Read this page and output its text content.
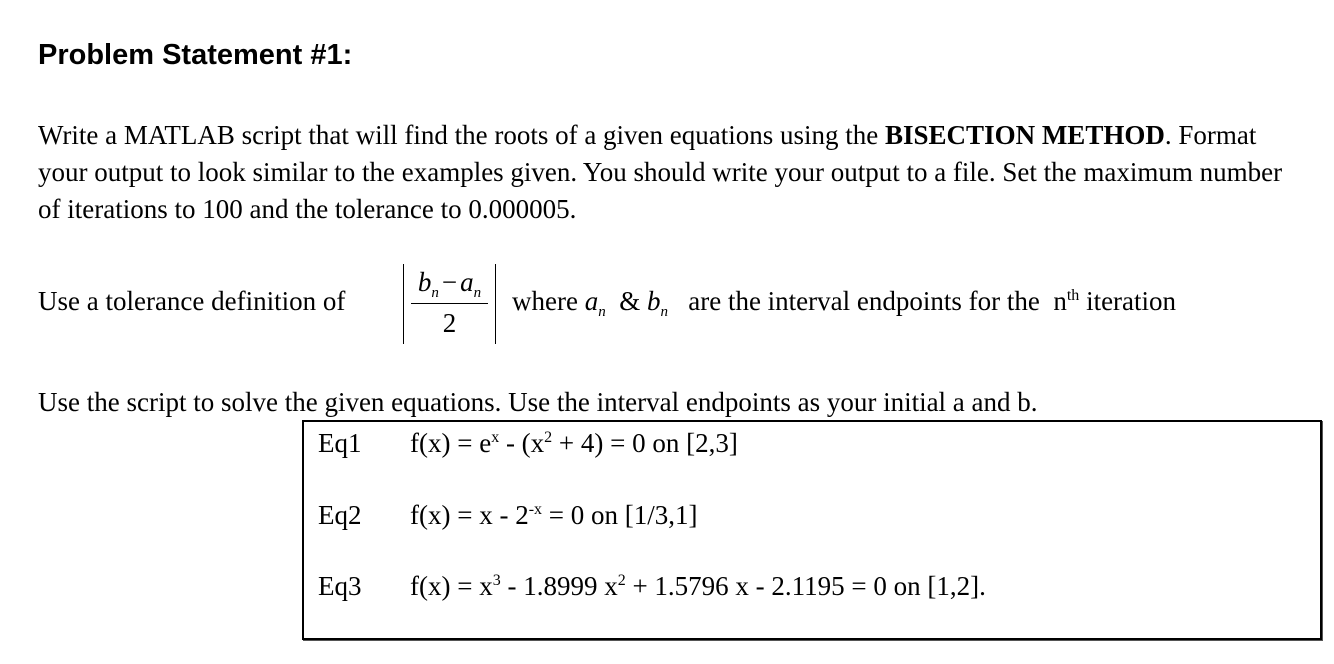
Problem Statement #1:

Write a MATLAB script that will find the roots of a given equations using the BISECTION METHOD. Format your output to look similar to the examples given. You should write your output to a file. Set the maximum number of iterations to 100 and the tolerance to 0.000005.

Use a tolerance definition of
$b_n - a_n$
2
where $a_n$ & $b_n$ are the interval endpoints for the $n^{th}$ iteration
Use the script to solve the given equations. Use the interval endpoints as your initial a and b.
Eq1 $f(x) = e^x - (x^2 + 4) = 0$ on [2,3]
Eq2 $f(x) = x - 2^{-x} = 0$ on [1/3,1]
Eq3 $f(x) = x^3 - 1.8999$ $x^2 + 1.5796$ x - 2.1195 = 0 on [1,2].
